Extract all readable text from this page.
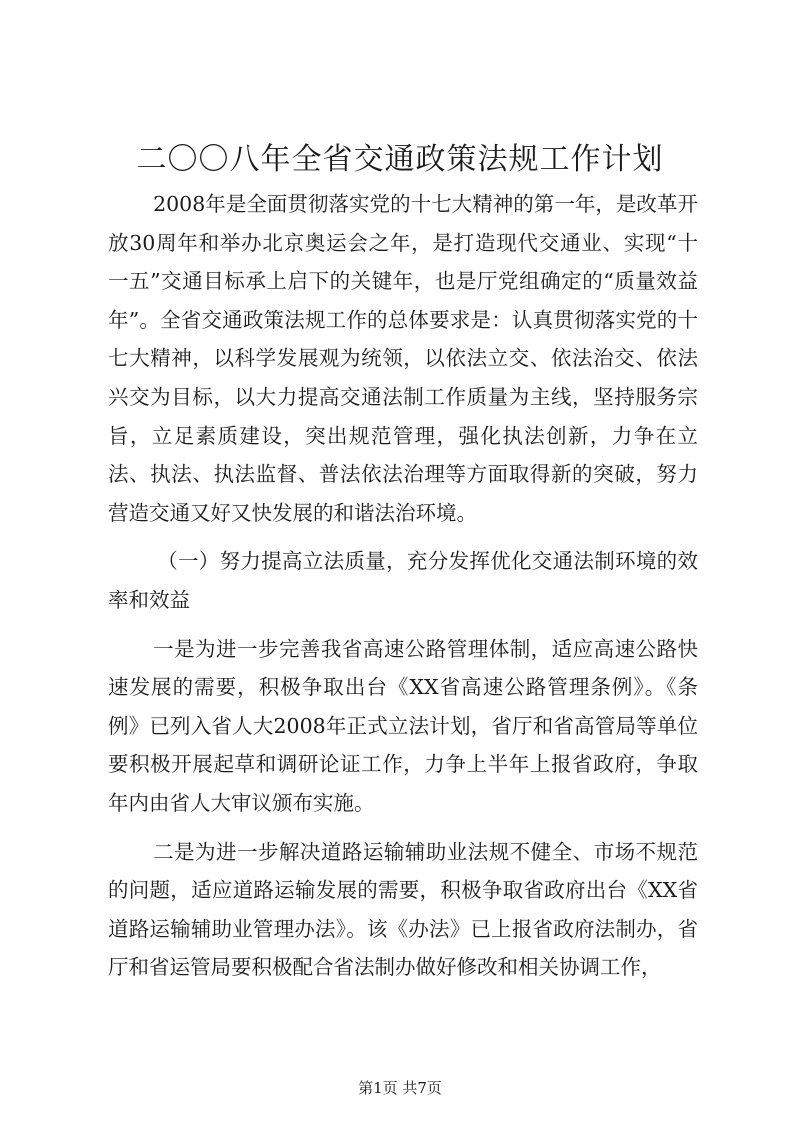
二〇〇八年全省交通政策法规工作计划

2008年是全面贯彻落实党的十七大精神的第一年，是改革开放30周年和举办北京奥运会之年，是打造现代交通业、实现“十一五”交通目标承上启下的关键年，也是厅党组确定的“质量效益年”。全省交通政策法规工作的总体要求是：认真贯彻落实党的十七大精神，以科学发展观为统领，以依法立交、依法治交、依法兴交为目标，以大力提高交通法制工作质量为主线，坚持服务宗旨，立足素质建设，突出规范管理，强化执法创新，力争在立法、执法、执法监督、普法依法治理等方面取得新的突破，努力营造交通又好又快发展的和谐法治环境。

（一）努力提高立法质量，充分发挥优化交通法制环境的效率和效益

一是为进一步完善我省高速公路管理体制，适应高速公路快速发展的需要，积极争取出台《XX省高速公路管理条例》。《条例》已列入省人大2008年正式立法计划，省厅和省高管局等单位要积极开展起草和调研论证工作，力争上半年上报省政府，争取年内由省人大审议颁布实施。

二是为进一步解决道路运输辅助业法规不健全、市场不规范的问题，适应道路运输发展的需要，积极争取省政府出台《XX省道路运输辅助业管理办法》。该《办法》已上报省政府法制办，省厅和省运管局要积极配合省法制办做好修改和相关协调工作，

第1页 共7页
